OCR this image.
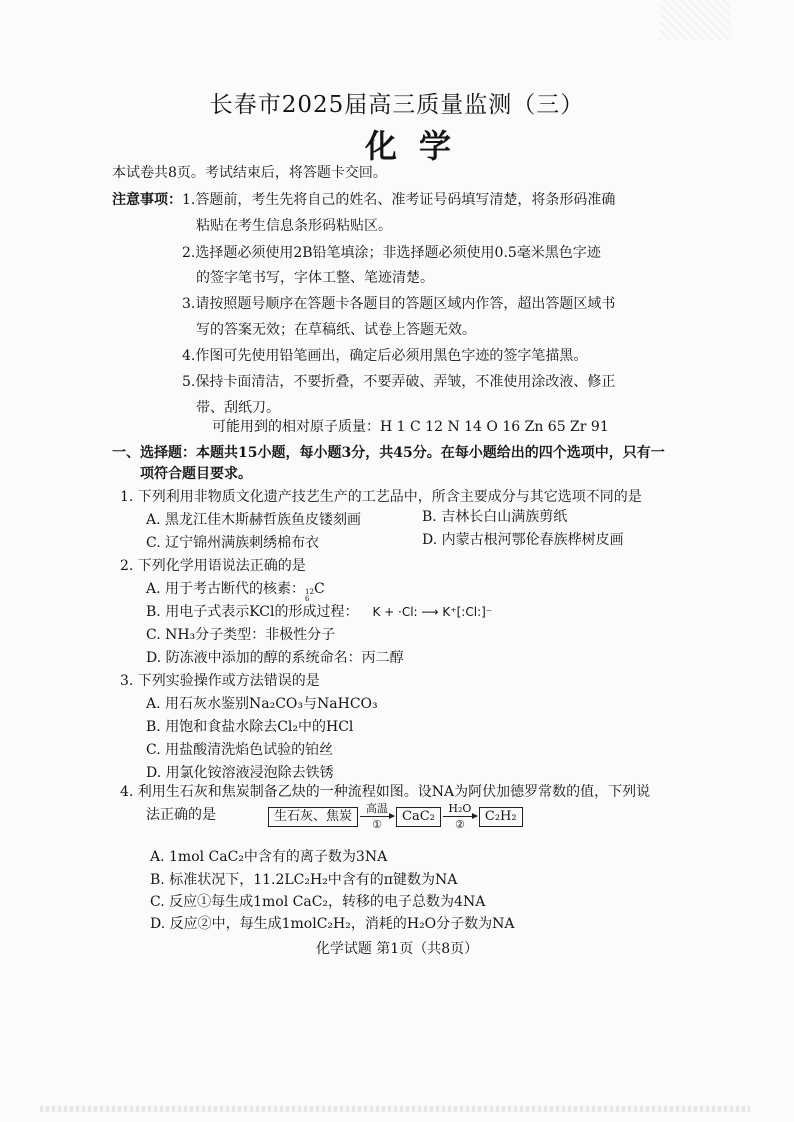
长春市2025届高三质量监测（三）
化学
本试卷共8页。考试结束后，将答题卡交回。
注意事项： 1.答题前，考生先将自己的姓名、准考证号码填写清楚，将条形码准确
粘贴在考生信息条形码粘贴区。
2.选择题必须使用2B铅笔填涂；非选择题必须使用0.5毫米黑色字迹
的签字笔书写，字体工整、笔迹清楚。
3.请按照题号顺序在答题卡各题目的答题区域内作答，超出答题区域书
写的答案无效；在草稿纸、试卷上答题无效。
4.作图可先使用铅笔画出，确定后必须用黑色字迹的签字笔描黑。
5.保持卡面清洁，不要折叠，不要弄破、弄皱，不准使用涂改液、修正
带、刮纸刀。
可能用到的相对原子质量：H 1 C 12 N 14 O 16 Zn 65 Zr 91
一、选择题：本题共15小题，每小题3分，共45分。在每小题给出的四个选项中，只有一
项符合题目要求。
1. 下列利用非物质文化遗产技艺生产的工艺品中，所含主要成分与其它选项不同的是
A. 黑龙江佳木斯赫哲族鱼皮镂刻画	B. 吉林长白山满族剪纸
C. 辽宁锦州满族刺绣棉布衣	D. 内蒙古根河鄂伦春族桦树皮画
2. 下列化学用语说法正确的是
A. 用于考古断代的核素： 12
6
C
B. 用电子式表示KCl的形成过程： K + ·Cl: ⟶ K⁺[:Cl:]⁻
C. NH₃分子类型：非极性分子
D. 防冻液中添加的醇的系统命名：丙二醇
3. 下列实验操作或方法错误的是
A. 用石灰水鉴别Na₂CO₃与NaHCO₃
B. 用饱和食盐水除去Cl₂中的HCl
C. 用盐酸清洗焰色试验的铂丝
D. 用氯化铵溶液浸泡除去铁锈
4. 利用生石灰和焦炭制备乙炔的一种流程如图。设NA为阿伏加德罗常数的值，下列说
法正确的是	生石灰、焦炭	高温
①
CaC₂	H₂O
②
C₂H₂
A. 1mol CaC₂中含有的离子数为3NA
B. 标准状况下，11.2LC₂H₂中含有的π键数为NA
C. 反应①每生成1mol CaC₂，转移的电子总数为4NA
D. 反应②中，每生成1molC₂H₂，消耗的H₂O分子数为NA
化学试题 第1页（共8页）
